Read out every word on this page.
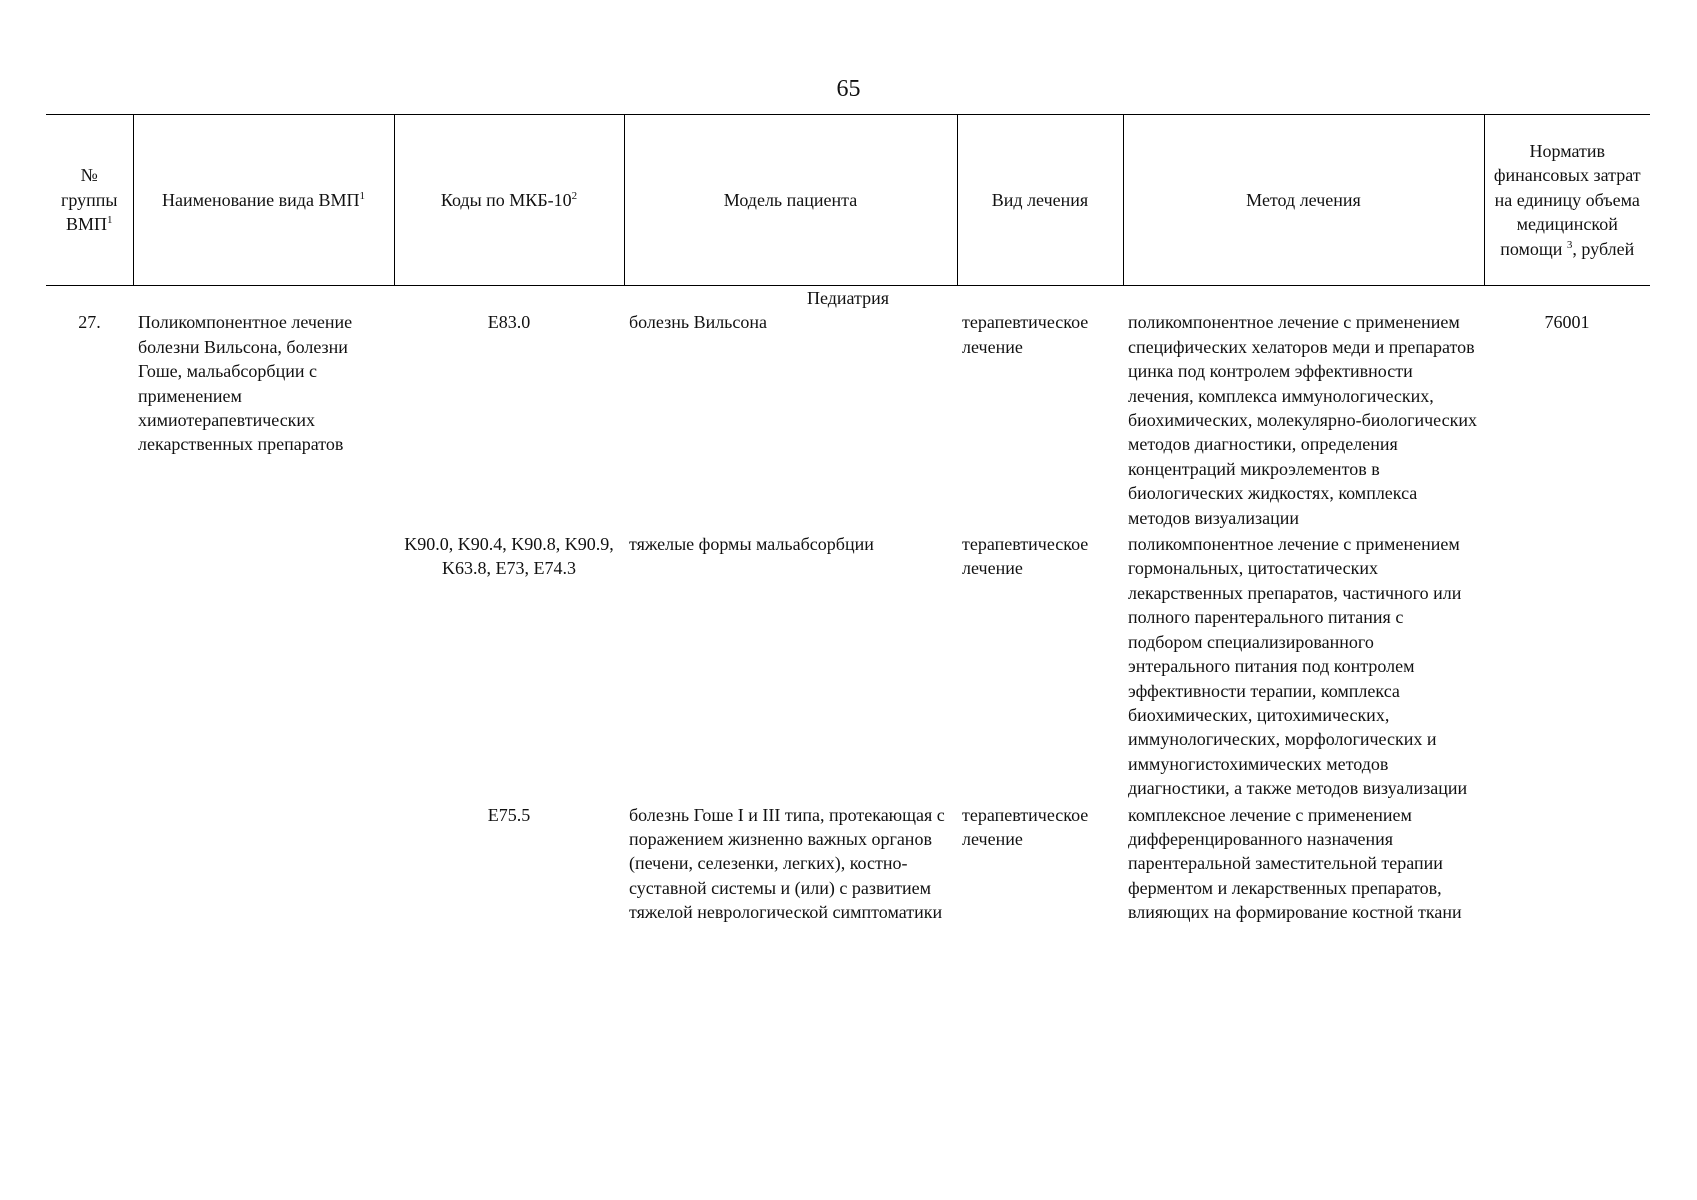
65
№ группы ВМП$^1$	Наименование вида ВМП$^1$	Коды по МКБ-$10^2$	Модель пациента	Вид лечения	Метод лечения	Норматив финансовых затрат на единицу объема медицинской помощи $^3$, рублей
Педиатрия						
27.	Поликомпонентное лечение болезни Вильсона, болезни Гоше, мальабсорбции с применением химиотерапевтических лекарственных препаратов	E83.0	болезнь Вильсона	терапевтическое лечение	поликомпонентное лечение с применением специфических хелаторов меди и препаратов цинка под контролем эффективности лечения, комплекса иммунологических, биохимических, молекулярно-биологических методов диагностики, определения концентраций микроэлементов в биологических жидкостях, комплекса методов визуализации	76001
		K90.0, K90.4, K90.8, K90.9, K63.8, E73, E74.3	тяжелые формы мальабсорбции	терапевтическое лечение	поликомпонентное лечение с применением гормональных, цитостатических лекарственных препаратов, частичного или полного парентерального питания с подбором специализированного энтерального питания под контролем эффективности терапии, комплекса биохимических, цитохимических, иммунологических, морфологических и иммуногистохимических методов диагностики, а также методов визуализации	
		E75.5	болезнь Гоше I и III типа, протекающая с поражением жизненно важных органов (печени, селезенки, легких), костно-суставной системы и (или) с развитием тяжелой неврологической симптоматики	терапевтическое лечение	комплексное лечение с применением дифференцированного назначения парентеральной заместительной терапии ферментом и лекарственных препаратов, влияющих на формирование костной ткани	
